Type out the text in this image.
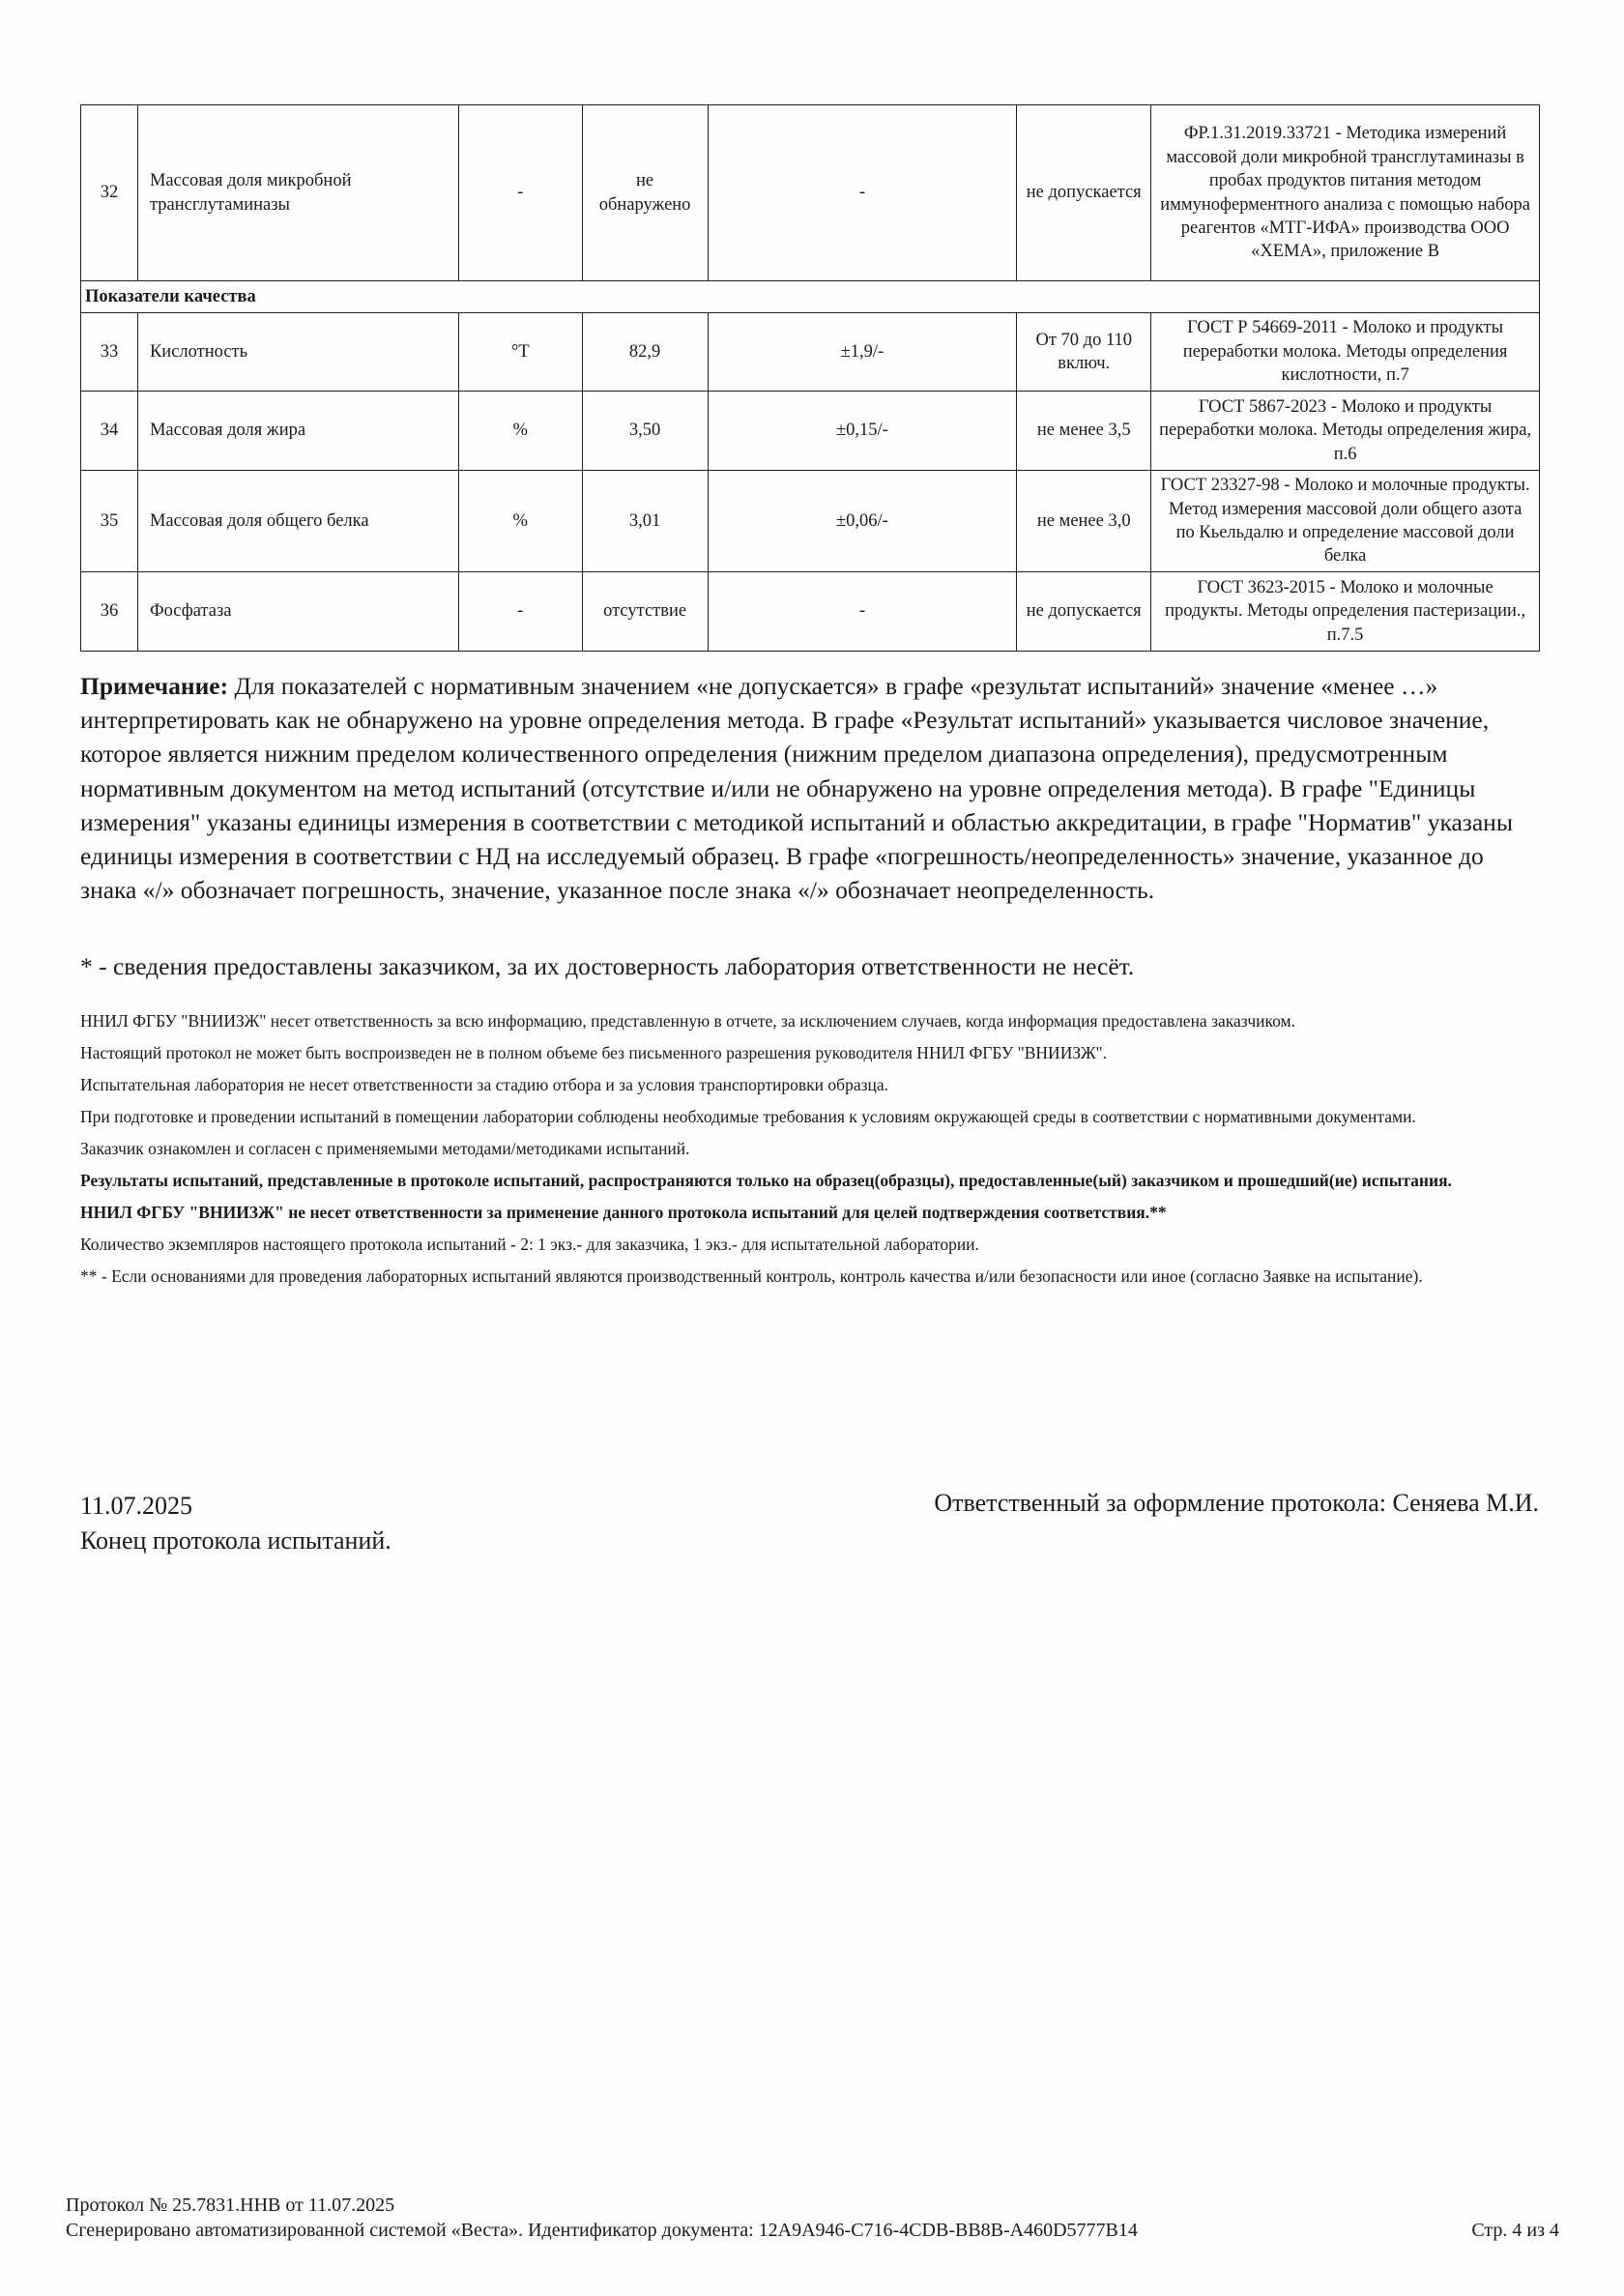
32	Массовая доля микробной трансглутаминазы	-	не обнаружено	-	не допускается	ФР.1.31.2019.33721 - Методика измерений массовой доли микробной трансглутаминазы в пробах продуктов питания методом иммуноферментного анализа с помощью набора реагентов «МТГ-ИФА» производства ООО «ХЕМА», приложение В
Показатели качества						
33	Кислотность	°T	82,9	±1,9/-	От 70 до 110 включ.	ГОСТ Р 54669-2011 - Молоко и продукты переработки молока. Методы определения кислотности, п.7
34	Массовая доля жира	%	3,50	±0,15/-	не менее 3,5	ГОСТ 5867-2023 - Молоко и продукты переработки молока. Методы определения жира, п.6
35	Массовая доля общего белка	%	3,01	±0,06/-	не менее 3,0	ГОСТ 23327-98 - Молоко и молочные продукты. Метод измерения массовой доли общего азота по Кьельдалю и определение массовой доли белка
36	Фосфатаза	-	отсутствие	-	не допускается	ГОСТ 3623-2015 - Молоко и молочные продукты. Методы определения пастеризации., п.7.5
Примечание: Для показателей с нормативным значением «не допускается» в графе «результат испытаний» значение «менее …» интерпретировать как не обнаружено на уровне определения метода. В графе «Результат испытаний» указывается числовое значение, которое является нижним пределом количественного определения (нижним пределом диапазона определения), предусмотренным нормативным документом на метод испытаний (отсутствие и/или не обнаружено на уровне определения метода). В графе "Единицы измерения" указаны единицы измерения в соответствии с методикой испытаний и областью аккредитации, в графе "Норматив" указаны единицы измерения в соответствии с НД на исследуемый образец. В графе «погрешность/неопределенность» значение, указанное до знака «/» обозначает погрешность, значение, указанное после знака «/» обозначает неопределенность.
* - сведения предоставлены заказчиком, за их достоверность лаборатория ответственности не несёт.

ННИЛ ФГБУ "ВНИИЗЖ" несет ответственность за всю информацию, представленную в отчете, за исключением случаев, когда информация предоставлена заказчиком.

Настоящий протокол не может быть воспроизведен не в полном объеме без письменного разрешения руководителя ННИЛ ФГБУ "ВНИИЗЖ".

Испытательная лаборатория не несет ответственности за стадию отбора и за условия транспортировки образца.

При подготовке и проведении испытаний в помещении лаборатории соблюдены необходимые требования к условиям окружающей среды в соответствии с нормативными документами.

Заказчик ознакомлен и согласен с применяемыми методами/методиками испытаний.

Результаты испытаний, представленные в протоколе испытаний, распространяются только на образец(образцы), предоставленные(ый) заказчиком и прошедший(ие) испытания.

ННИЛ ФГБУ "ВНИИЗЖ" не несет ответственности за применение данного протокола испытаний для целей подтверждения соответствия.**

Количество экземпляров настоящего протокола испытаний - 2: 1 экз.- для заказчика, 1 экз.- для испытательной лаборатории.

** - Если основаниями для проведения лабораторных испытаний являются производственный контроль, контроль качества и/или безопасности или иное (согласно Заявке на испытание).

11.07.2025
Конец протокола испытаний.
Ответственный за оформление протокола: Сеняева М.И.
Протокол № 25.7831.ННВ от 11.07.2025
Сгенерировано автоматизированной системой «Веста». Идентификатор документа: 12A9A946-C716-4CDB-BB8B-A460D5777B14	Стр. 4 из 4
